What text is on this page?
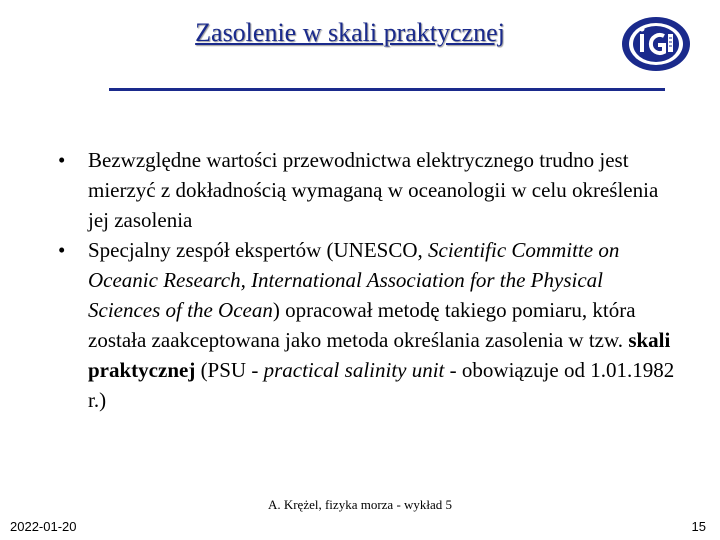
Zasolenie w skali praktycznej

• Bezwzględne wartości przewodnictwa elektrycznego trudno jest mierzyć z dokładnością wymaganą w oceanologii w celu określenia jej zasolenia

• Specjalny zespół ekspertów (UNESCO, Scientific Committe on Oceanic Research, International Association for the Physical Sciences of the Ocean) opracował metodę takiego pomiaru, która została zaakceptowana jako metoda określania zasolenia w tzw. skali praktycznej (PSU - practical salinity unit - obowiązuje od 1.01.1982 r.)

A. Krężel, fizyka morza - wykład 5
2022-01-20	15
